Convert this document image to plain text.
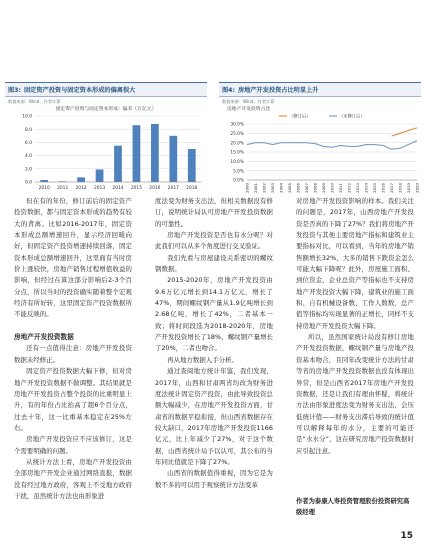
图3: 固定资产投资与固定资本形成的偏离很大
数据来源：Wind，作者计算
固定资产投资与固定资本形成：偏差（万亿元）
0.0
2.0
4.0
6.0
8.0
10.0
2010 2011 2012 2013 2014 2015 2016 2017 2018
图4: 房地产开发投资占比明显上升
数据来源：Wind，作者计算
房地产开发投资占比
（修订后）	（未修订后）
0.0%
5.0%
10.0%
15.0%
20.0%
25.0%
30.0%
2000 2001 2002 2003 2004 2005 2006 2007 2008 2009 2010 2011 2012 2013 2014 2015 2016 2017 2018 2019 2020

但在有的年份，修订前后的固定资产投资数据，都与固定资本形成的趋势有较大的背离。比如2016-2017年，固定资本形成总额增速回升，显示经济回暖向好，但固定资产投资增速持续回落，固定资本形成总额增速回升，这里面有当时房价上涨较快，房地产销售过程增值收益的影响，但经过在算这部分影响后2-3个百分点，所以当时的投资确实随着整个宏观经济有所好转，这里固定资产投资数据所不能反映的。

房地产开发投资数据

还有一点值得注意：房地产开发投资数据未经修正。

固定资产投资数据大幅下修，但对房地产开发投资数据不做调整。其结果就是房地产开发投资占整个投资的比重明显上升，有的年份占比抬高了超6个百分点，过去十年，这一比重基本稳定在25%左右。

房地产开发投资应不应该修订，这是个需要明确的问题。

从统计方法上看，房地产开发投资由全部房地产开发企业通过网络直报，数据没有经过地方政府，客观上不受地方政府干扰，虽然统计方法也由形象进

度法变为财务支出法，但相关数据没有修订，说明统计局认可房地产开发投资数据的可靠性。

房地产开发投资是否也有水分呢？对此我们可以从多个角度进行交叉验证。

我们先看与房屋建设关系密切的螺纹钢数据。

2015-2020年，房地产开发投资由9.6万亿元增长到14.1万亿元，增长了47%，期间螺纹钢产量从1.9亿吨增长到2.68亿吨，增长了42%，二者基本一致；将时间段选为2018-2020年，房地产开发投资增长了18%，螺纹钢产量增长了20%，二者也吻合。

再从地方数据入手分析。

通过查阅地方统计年鉴，我们发现，2017年，山西和甘肃两省均改为财务进度法统计固定资产投资，由此导致投资总额大幅减少，在房地产开发投资方面，甘肃省的数据平稳衔接，但山西省数据存在较大缺口，2017年房地产开发投资1166亿元，比上年减少了27%，对于这个数据，山西省统计局予以认可，其公布的当年同比值就是下降了27%。

山西省的数据值得重视，因为它是为数不多的可以用于观察统计方法变革

对房地产开发投资影响的样本。我们关注的问题是，2017年，山西房地产开发投资是否真的下降了27%？我们将房地产开发投资与其他主要房地产指标和建筑业主要指标对比，可以看到，当年的房地产销售额增长32%，大多的销售下跌资金怎么可能大幅下降呢？此外，房屋施工面积、到位资金、企业总资产等指标也不支持房地产开发投资大幅下降，建筑业的施工面积、自有机械设备数、工作人数数、总产值等指标均实现显著的正增长，同样不支持房地产开发投资大幅下降。

所以，虽然国家统计局没有修订房地产开发投资数据，螺纹钢产量与房地产投资基本吻合，且同年改变统计方法的甘肃等省的房地产开发投资数据也没有体现出异常，但是山西省2017年房地产开发投资数据，还是让我们有理由怀疑，将统计方法由形象进度法变为财务支出法，会压低统计值——财务支出滞后导致的统计值可以解释每年的水分，主要的可能还是“水水分”，这在研究房地产投资数据时应引起注意。

作者为泰康人寿投资管理股份投资研究高级经理
15
